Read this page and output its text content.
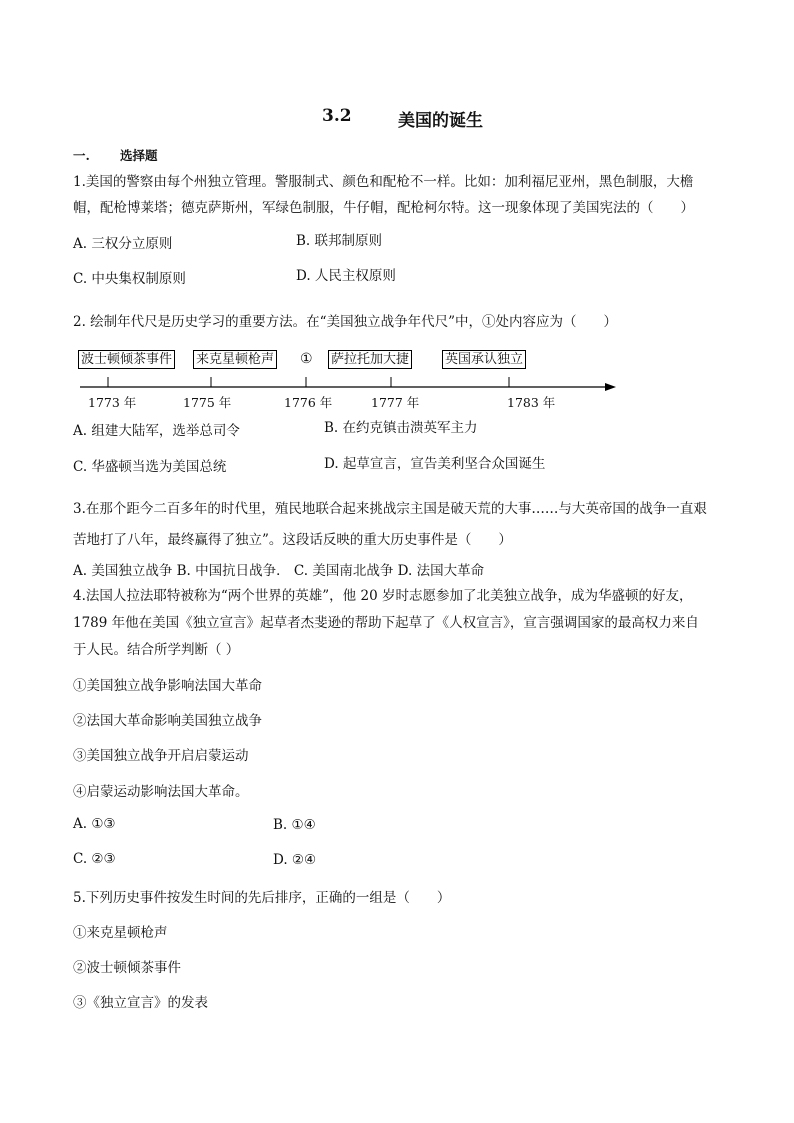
3.2	美国的诞生
一. 选择题
1.美国的警察由每个州独立管理。警服制式、颜色和配枪不一样。比如：加利福尼亚州，黑色制服，大檐
帽，配枪博莱塔；德克萨斯州，军绿色制服，牛仔帽，配枪柯尔特。这一现象体现了美国宪法的（　　）
A. 三权分立原则	B. 联邦制原则
C. 中央集权制原则	D. 人民主权原则
2. 绘制年代尺是历史学习的重要方法。在“美国独立战争年代尺”中，①处内容应为（　　）
波士顿倾茶事件 来克星顿枪声 ① 萨拉托加大捷	英国承认独立
1773 年	1775 年	1776 年	1777 年	1783 年
A. 组建大陆军，选举总司令	B. 在约克镇击溃英军主力
C. 华盛顿当选为美国总统	D. 起草宣言，宣告美利坚合众国诞生
3.在那个距今二百多年的时代里，殖民地联合起来挑战宗主国是破天荒的大事……与大英帝国的战争一直艰
苦地打了八年，最终赢得了独立”。这段话反映的重大历史事件是（　　）
A. 美国独立战争 B. 中国抗日战争． C. 美国南北战争 D. 法国大革命
4.法国人拉法耶特被称为“两个世界的英雄”，他 20 岁时志愿参加了北美独立战争，成为华盛顿的好友，
1789 年他在美国《独立宣言》起草者杰斐逊的帮助下起草了《人权宣言》，宣言强调国家的最高权力来自
于人民。结合所学判断（ ）
①美国独立战争影响法国大革命
②法国大革命影响美国独立战争
③美国独立战争开启启蒙运动
④启蒙运动影响法国大革命。
A. ①③	B. ①④
C. ②③	D. ②④
5.下列历史事件按发生时间的先后排序，正确的一组是（　　）
①来克星顿枪声
②波士顿倾茶事件
③《独立宣言》的发表
